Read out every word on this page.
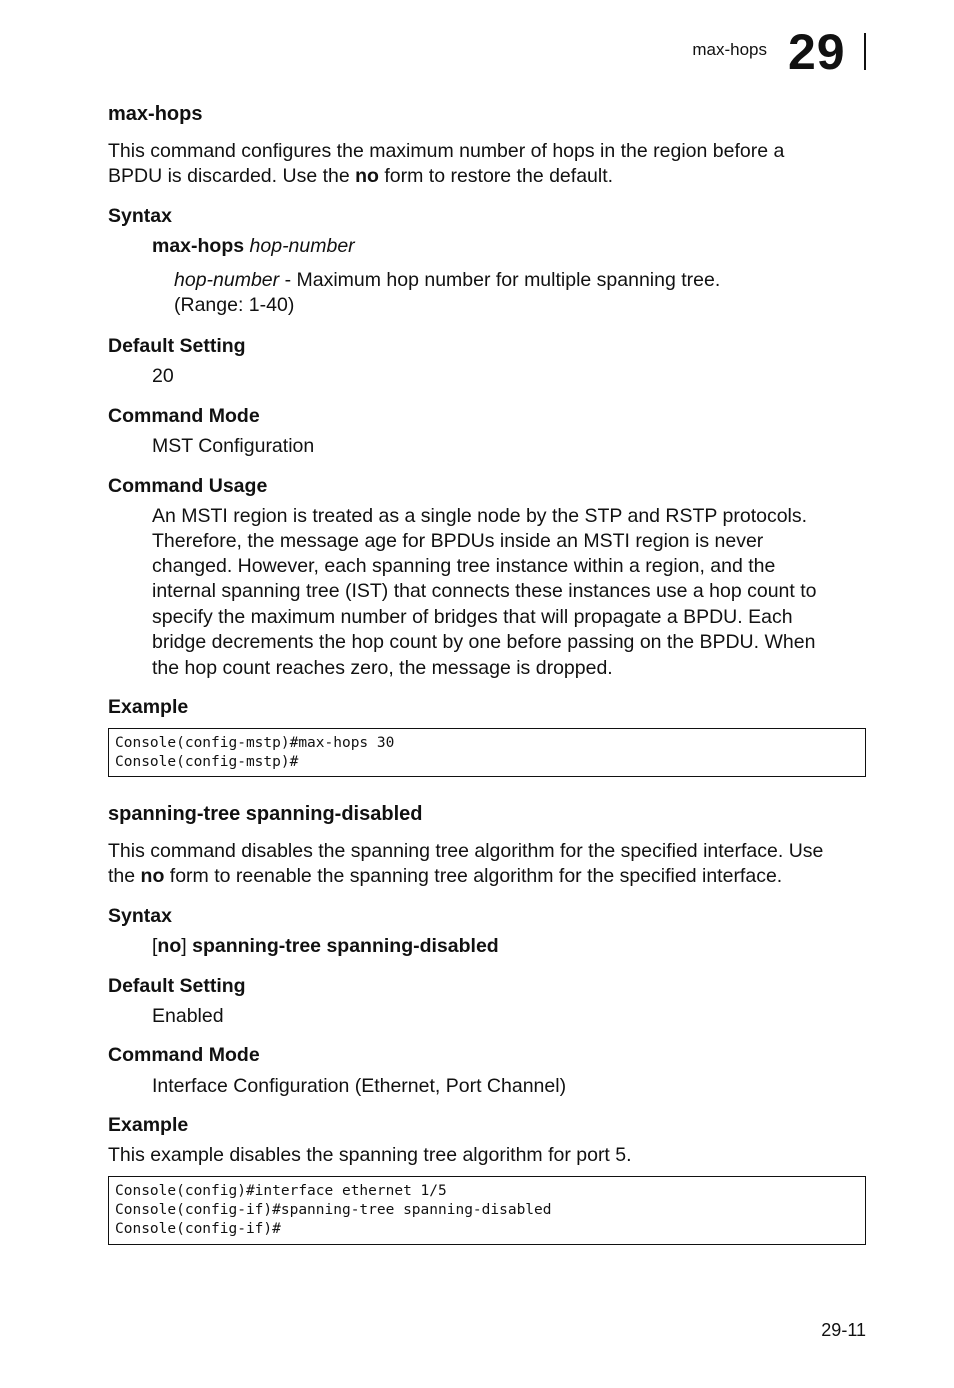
max-hops 29
max-hops
This command configures the maximum number of hops in the region before a
BPDU is discarded. Use the no form to restore the default.
Syntax
max-hops hop-number
hop-number - Maximum hop number for multiple spanning tree.
(Range: 1-40)
Default Setting
20
Command Mode
MST Configuration
Command Usage
An MSTI region is treated as a single node by the STP and RSTP protocols.
Therefore, the message age for BPDUs inside an MSTI region is never
changed. However, each spanning tree instance within a region, and the
internal spanning tree (IST) that connects these instances use a hop count to
specify the maximum number of bridges that will propagate a BPDU. Each
bridge decrements the hop count by one before passing on the BPDU. When
the hop count reaches zero, the message is dropped.
Example
Console(config-mstp)#max-hops 30
Console(config-mstp)#
spanning-tree spanning-disabled
This command disables the spanning tree algorithm for the specified interface. Use
the no form to reenable the spanning tree algorithm for the specified interface.
Syntax
[no] spanning-tree spanning-disabled
Default Setting
Enabled
Command Mode
Interface Configuration (Ethernet, Port Channel)
Example
This example disables the spanning tree algorithm for port 5.
Console(config)#interface ethernet 1/5
Console(config-if)#spanning-tree spanning-disabled
Console(config-if)#
29-11
